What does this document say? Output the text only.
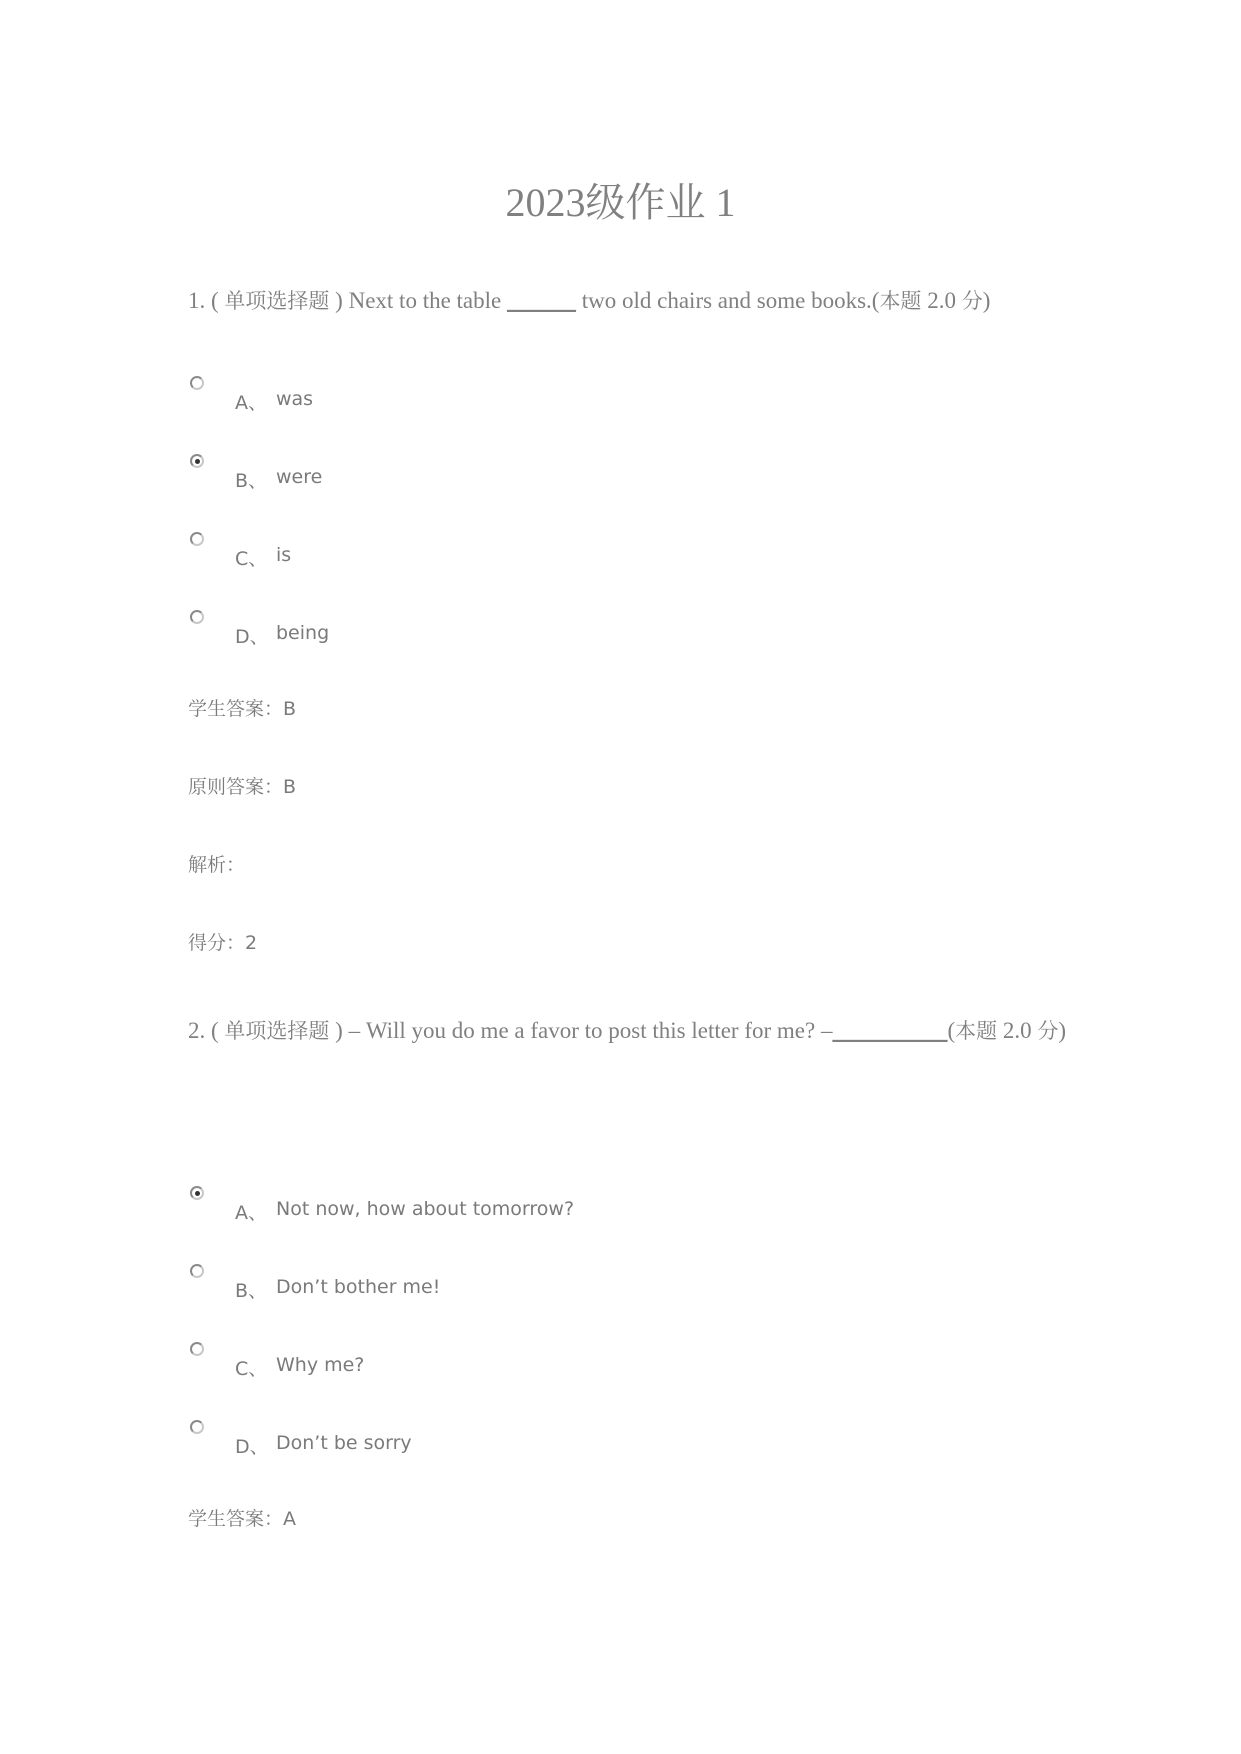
2023级作业 1

1. ( 单项选择题 ) Next to the table ______ two old chairs and some books.(本题 2.0 分)

A、 was
B、 were
C、 is
D、 being
学生答案：B
原则答案：B
解析：
得分：2

2. ( 单项选择题 ) – Will you do me a favor to post this letter for me? –__________(本题 2.0 分)

A、 Not now, how about tomorrow?
B、 Don’t bother me!
C、 Why me?
D、 Don’t be sorry
学生答案：A
